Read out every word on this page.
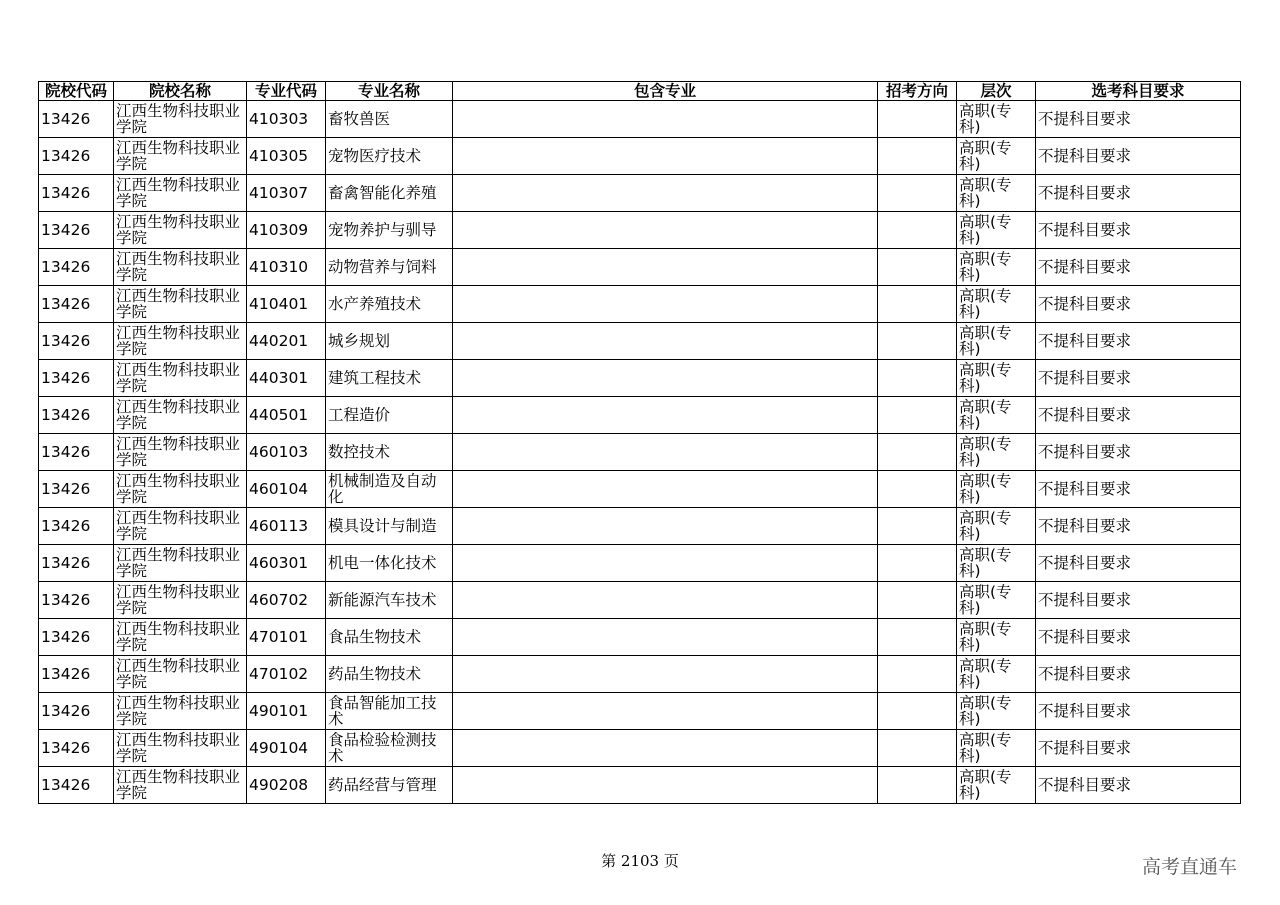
院校代码	院校名称	专业代码	专业名称	包含专业	招考方向	层次	选考科目要求
13426	江西生物科技职业学院	410303	畜牧兽医			高职(专科)	不提科目要求
13426	江西生物科技职业学院	410305	宠物医疗技术			高职(专科)	不提科目要求
13426	江西生物科技职业学院	410307	畜禽智能化养殖			高职(专科)	不提科目要求
13426	江西生物科技职业学院	410309	宠物养护与驯导			高职(专科)	不提科目要求
13426	江西生物科技职业学院	410310	动物营养与饲料			高职(专科)	不提科目要求
13426	江西生物科技职业学院	410401	水产养殖技术			高职(专科)	不提科目要求
13426	江西生物科技职业学院	440201	城乡规划			高职(专科)	不提科目要求
13426	江西生物科技职业学院	440301	建筑工程技术			高职(专科)	不提科目要求
13426	江西生物科技职业学院	440501	工程造价			高职(专科)	不提科目要求
13426	江西生物科技职业学院	460103	数控技术			高职(专科)	不提科目要求
13426	江西生物科技职业学院	460104	机械制造及自动化			高职(专科)	不提科目要求
13426	江西生物科技职业学院	460113	模具设计与制造			高职(专科)	不提科目要求
13426	江西生物科技职业学院	460301	机电一体化技术			高职(专科)	不提科目要求
13426	江西生物科技职业学院	460702	新能源汽车技术			高职(专科)	不提科目要求
13426	江西生物科技职业学院	470101	食品生物技术			高职(专科)	不提科目要求
13426	江西生物科技职业学院	470102	药品生物技术			高职(专科)	不提科目要求
13426	江西生物科技职业学院	490101	食品智能加工技术			高职(专科)	不提科目要求
13426	江西生物科技职业学院	490104	食品检验检测技术			高职(专科)	不提科目要求
13426	江西生物科技职业学院	490208	药品经营与管理			高职(专科)	不提科目要求
第 2103 页	高考直通车
